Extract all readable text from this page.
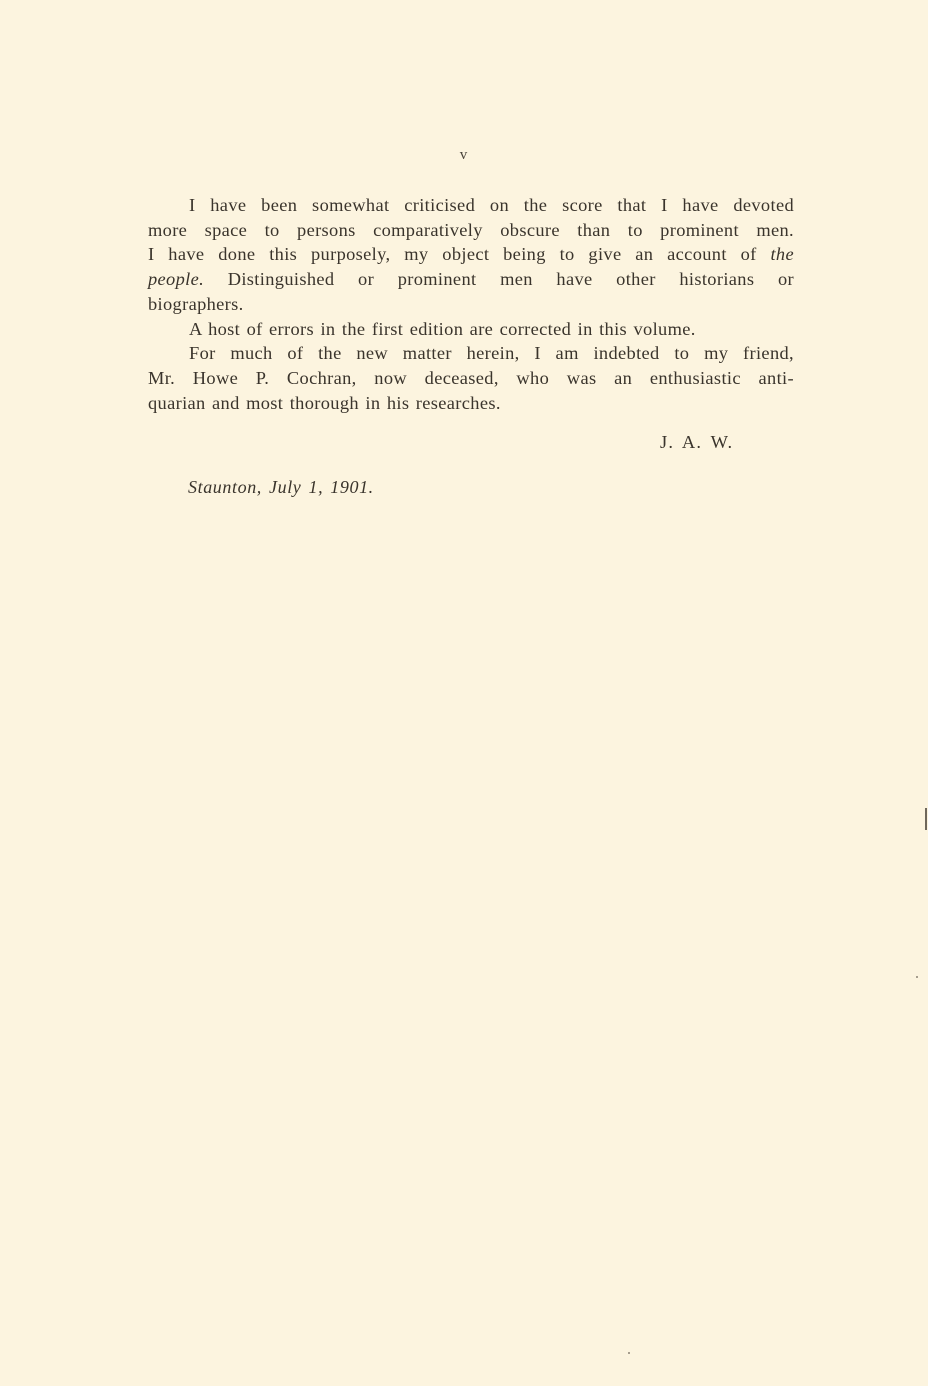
v
I have been somewhat criticised on the score that I have devoted
more space to persons comparatively obscure than to prominent men.
I have done this purposely, my object being to give an account of the
people. Distinguished or prominent men have other historians or
biographers.
A host of errors in the first edition are corrected in this volume.
For much of the new matter herein, I am indebted to my friend,
Mr. Howe P. Cochran, now deceased, who was an enthusiastic anti-
quarian and most thorough in his researches.
J. A. W.
Staunton, July 1, 1901.
